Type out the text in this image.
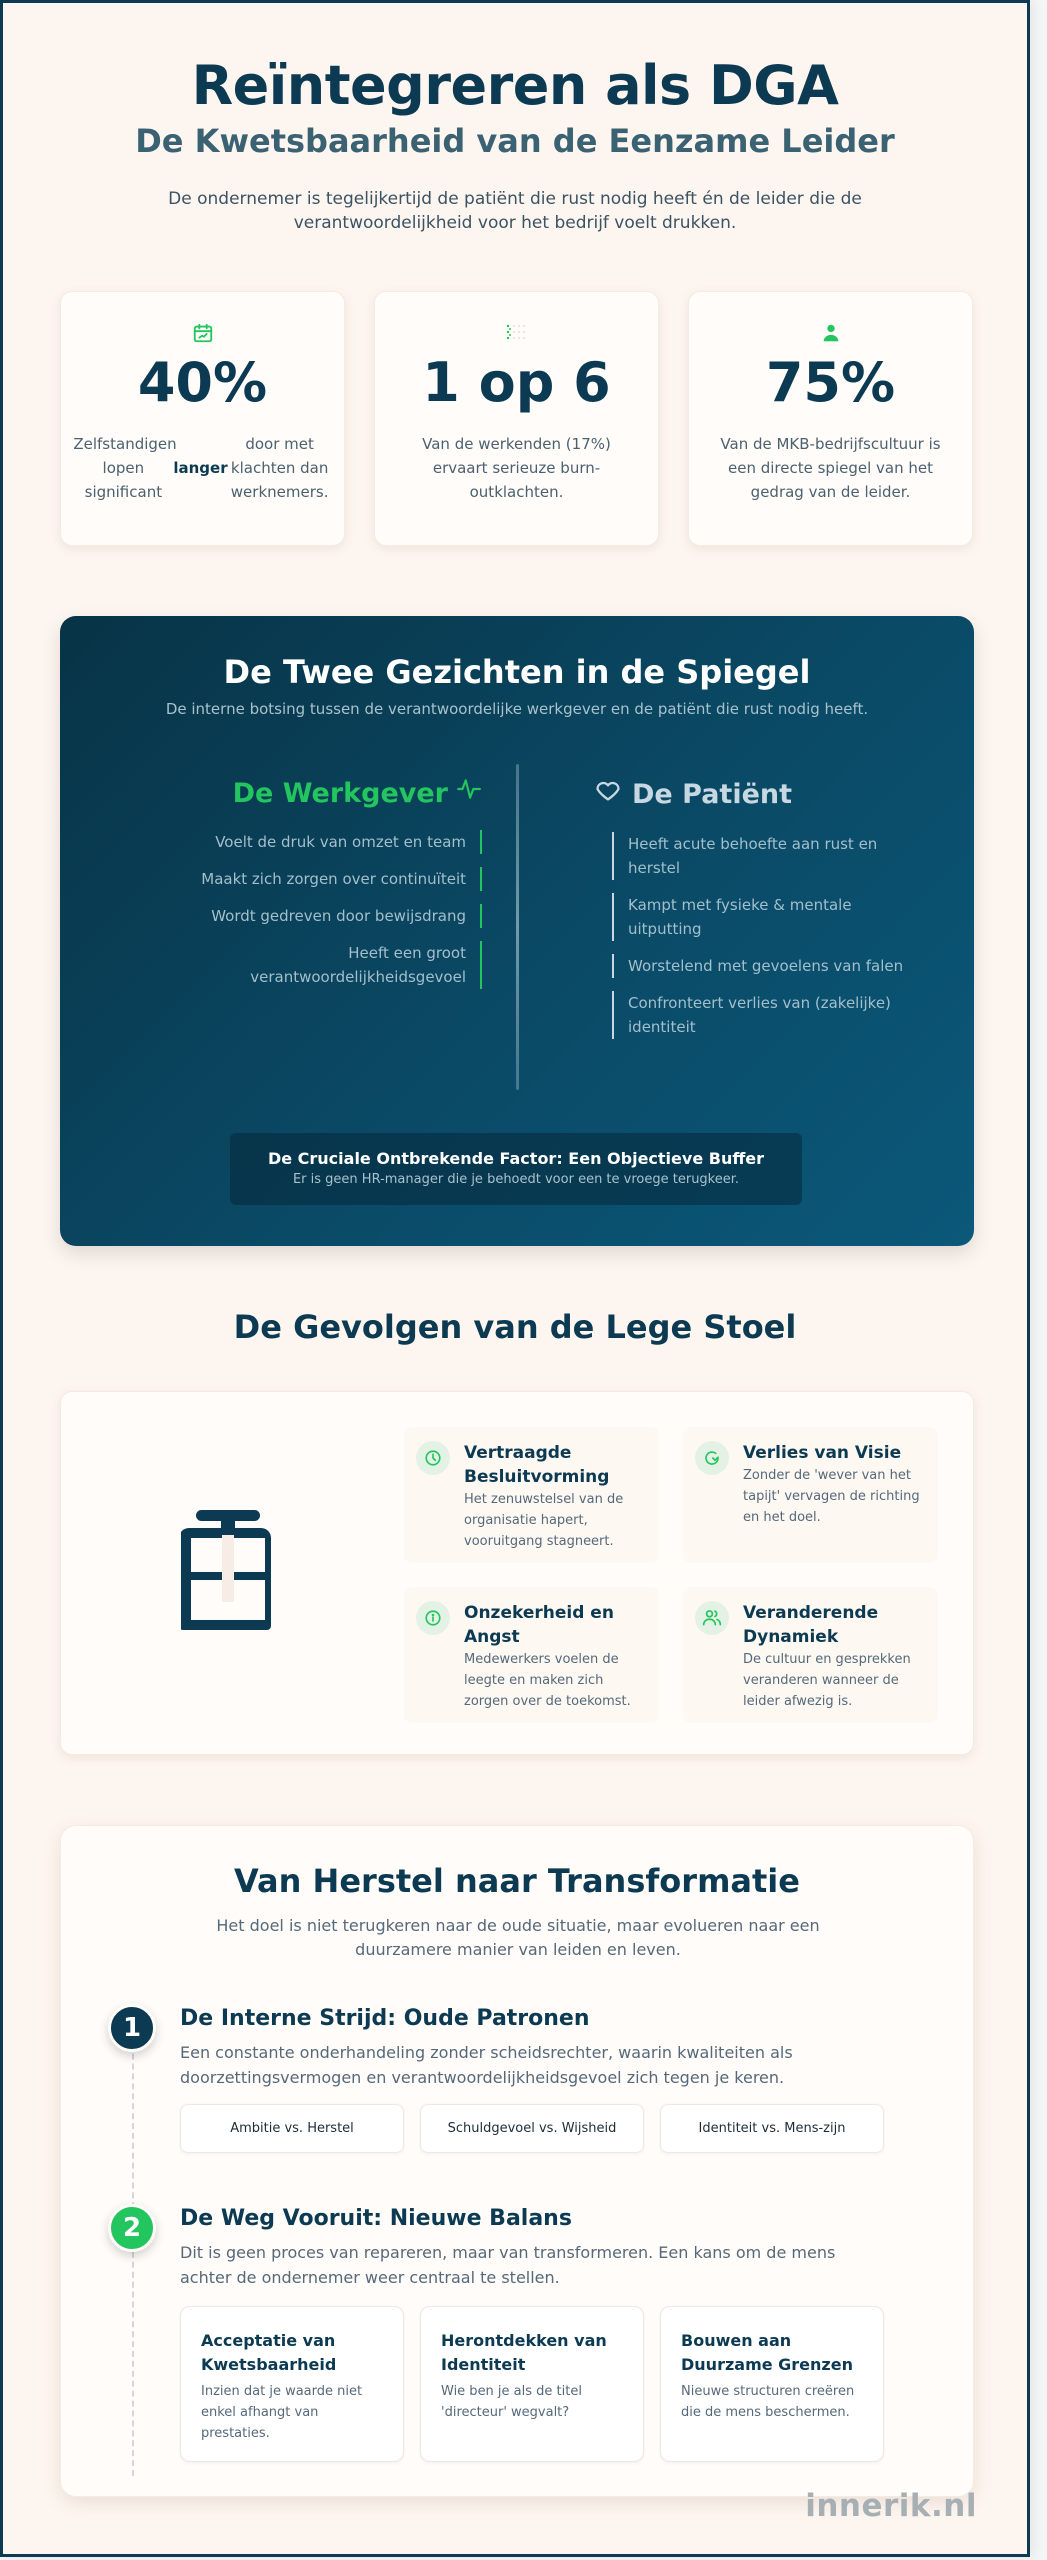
Reïntegreren als DGA
De Kwetsbaarheid van de Eenzame Leider

De ondernemer is tegelijkertijd de patiënt die rust nodig heeft én de leider die de verantwoordelijkheid voor het bedrijf voelt drukken.

40%
Zelfstandigen lopen significant
langer
door met klachten dan werknemers.
1 op 6
Van de werkenden (17%) ervaart serieuze burn-outklachten.
75%
Van de MKB-bedrijfscultuur is een directe spiegel van het gedrag van de leider.
De Twee Gezichten in de Spiegel
De interne botsing tussen de verantwoordelijke werkgever en de patiënt die rust nodig heeft.
De Werkgever
Voelt de druk van omzet en team
Maakt zich zorgen over continuïteit
Wordt gedreven door bewijsdrang
Heeft een groot verantwoordelijkheidsgevoel
De Patiënt
Heeft acute behoefte aan rust en herstel
Kampt met fysieke & mentale uitputting
Worstelend met gevoelens van falen
Confronteert verlies van (zakelijke) identiteit
De Cruciale Ontbrekende Factor: Een Objectieve Buffer
Er is geen HR-manager die je behoedt voor een te vroege terugkeer.
De Gevolgen van de Lege Stoel
Vertraagde Besluitvorming
Het zenuwstelsel van de organisatie hapert, vooruitgang stagneert.
Verlies van Visie
Zonder de 'wever van het tapijt' vervagen de richting en het doel.
Onzekerheid en Angst
Medewerkers voelen de leegte en maken zich zorgen over de toekomst.
Veranderende Dynamiek
De cultuur en gesprekken veranderen wanneer de leider afwezig is.
Van Herstel naar Transformatie

Het doel is niet terugkeren naar de oude situatie, maar evolueren naar een duurzamere manier van leiden en leven.

1	De Interne Strijd: Oude Patronen
Een constante onderhandeling zonder scheidsrechter, waarin kwaliteiten als doorzettingsvermogen en verantwoordelijkheidsgevoel zich tegen je keren.
Ambitie vs. Herstel	Schuldgevoel vs. Wijsheid	Identiteit vs. Mens-zijn
2	De Weg Vooruit: Nieuwe Balans
Dit is geen proces van repareren, maar van transformeren. Een kans om de mens achter de ondernemer weer centraal te stellen.
Acceptatie van Kwetsbaarheid
Inzien dat je waarde niet enkel afhangt van prestaties.
Herontdekken van Identiteit
Wie ben je als de titel 'directeur' wegvalt?
Bouwen aan Duurzame Grenzen
Nieuwe structuren creëren die de mens beschermen.
innerik.nl
